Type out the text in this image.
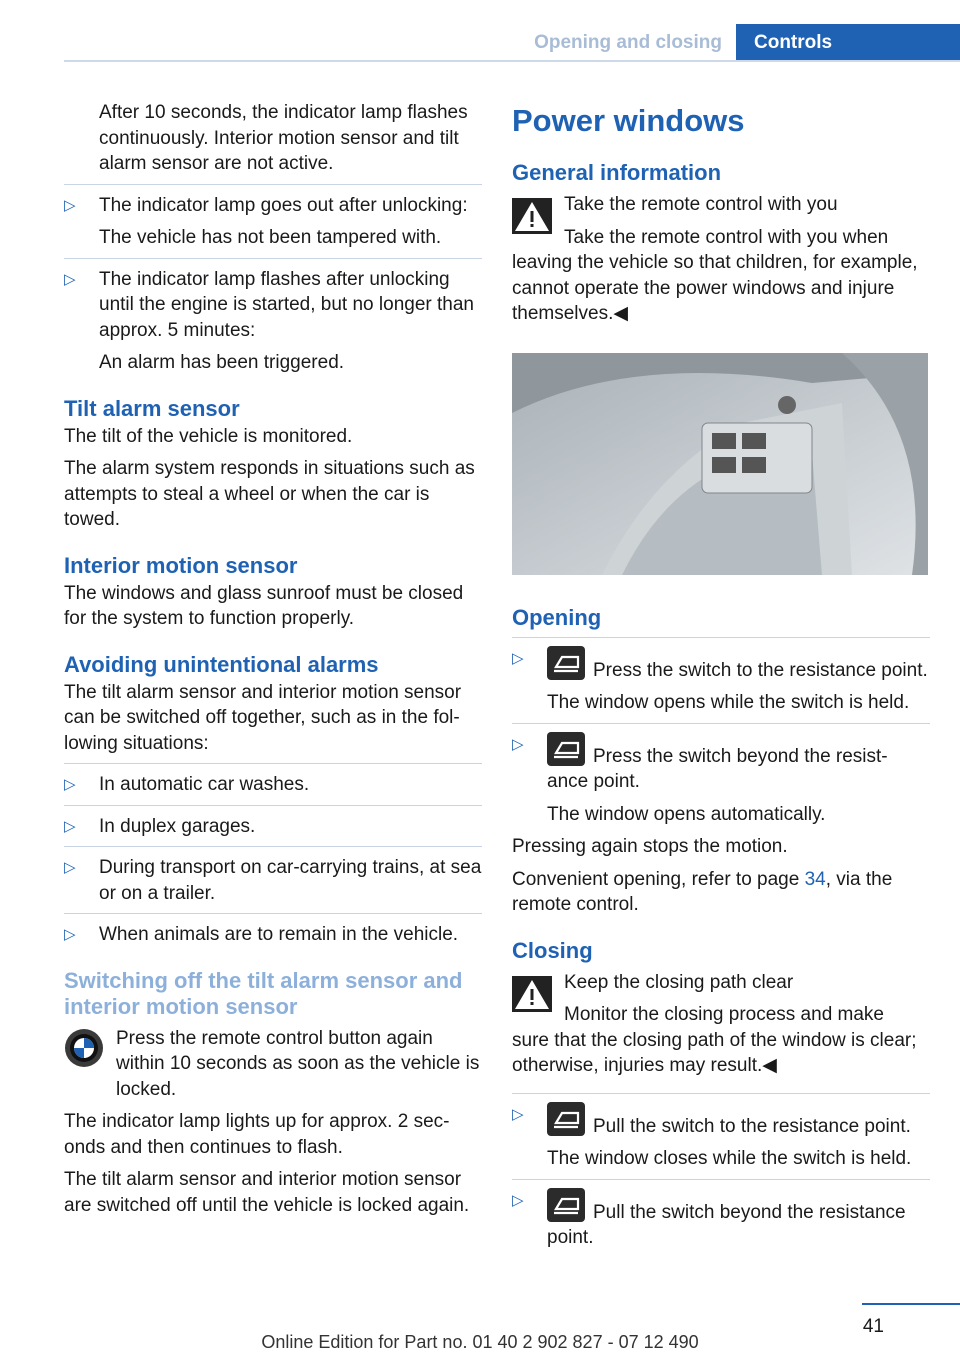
Opening and closing	Controls

After 10 seconds, the indicator lamp flashes continuously. Interior motion sensor and tilt alarm sensor are not active.

▷ The indicator lamp goes out after unlocking:

The vehicle has not been tampered with.

▷ The indicator lamp flashes after unlocking until the engine is started, but no longer than approx. 5 minutes:

An alarm has been triggered.

Tilt alarm sensor

The tilt of the vehicle is monitored.

The alarm system responds in situations such as attempts to steal a wheel or when the car is towed.

Interior motion sensor

The windows and glass sunroof must be closed for the system to function properly.

Avoiding unintentional alarms

The tilt alarm sensor and interior motion sensor can be switched off together, such as in the fol‐ lowing situations:

▷ In automatic car washes.

▷ In duplex garages.

▷ During transport on car-carrying trains, at sea or on a trailer.

▷ When animals are to remain in the vehicle.

Switching off the tilt alarm sensor and interior motion sensor

Press the remote control button again within 10 seconds as soon as the vehicle is locked.

The indicator lamp lights up for approx. 2 sec‐ onds and then continues to flash.

The tilt alarm sensor and interior motion sensor are switched off until the vehicle is locked again.

Power windows
General information

Take the remote control with you

Take the remote control with you when

leaving the vehicle so that children, for example, cannot operate the power windows and injure themselves.◀

Opening
▷

Press the switch to the resistance point.

The window opens while the switch is held.

▷

Press the switch beyond the resist‐ ance point.

The window opens automatically.

Pressing again stops the motion.

Convenient opening, refer to page 34, via the remote control.

Closing

Keep the closing path clear

Monitor the closing process and make

sure that the closing path of the window is clear; otherwise, injuries may result.◀

▷

Pull the switch to the resistance point.

The window closes while the switch is held.

▷

Pull the switch beyond the resistance point.

41
Online Edition for Part no. 01 40 2 902 827 - 07 12 490
